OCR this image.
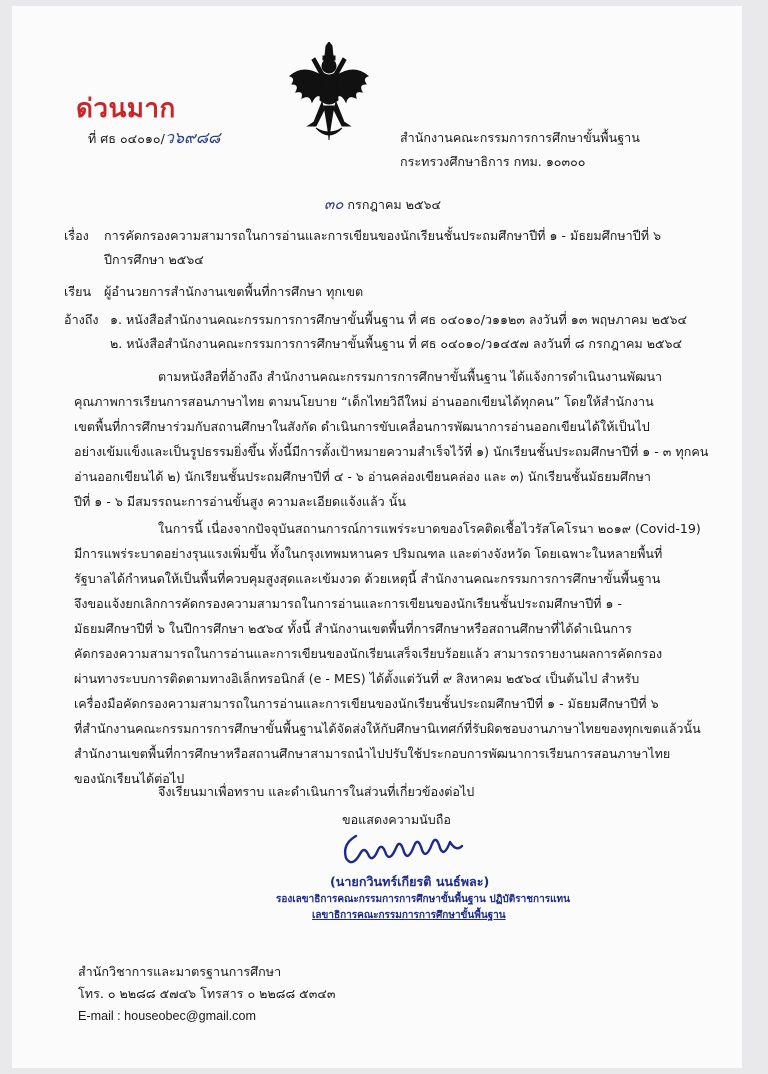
ด่วนมาก
ที่ ศธ ๐๔๐๑๐/ว๖๙๘๘	สำนักงานคณะกรรมการการศึกษาขั้นพื้นฐาน
กระทรวงศึกษาธิการ กทม. ๑๐๓๐๐
๓๐ กรกฎาคม ๒๕๖๔
เรื่อง การคัดกรองความสามารถในการอ่านและการเขียนของนักเรียนชั้นประถมศึกษาปีที่ ๑ - มัธยมศึกษาปีที่ ๖
ปีการศึกษา ๒๕๖๔
เรียน ผู้อำนวยการสำนักงานเขตพื้นที่การศึกษา ทุกเขต
อ้างถึง ๑. หนังสือสำนักงานคณะกรรมการการศึกษาขั้นพื้นฐาน ที่ ศธ ๐๔๐๑๐/ว๑๑๒๓ ลงวันที่ ๑๓ พฤษภาคม ๒๕๖๔
๒. หนังสือสำนักงานคณะกรรมการการศึกษาขั้นพื้นฐาน ที่ ศธ ๐๔๐๑๐/ว๑๔๕๗ ลงวันที่ ๘ กรกฎาคม ๒๕๖๔
ตามหนังสือที่อ้างถึง สำนักงานคณะกรรมการการศึกษาขั้นพื้นฐาน ได้แจ้งการดำเนินงานพัฒนา
คุณภาพการเรียนการสอนภาษาไทย ตามนโยบาย “เด็กไทยวิถีใหม่ อ่านออกเขียนได้ทุกคน” โดยให้สำนักงาน
เขตพื้นที่การศึกษาร่วมกับสถานศึกษาในสังกัด ดำเนินการขับเคลื่อนการพัฒนาการอ่านออกเขียนได้ให้เป็นไป
อย่างเข้มแข็งและเป็นรูปธรรมยิ่งขึ้น ทั้งนี้มีการตั้งเป้าหมายความสำเร็จไว้ที่ ๑) นักเรียนชั้นประถมศึกษาปีที่ ๑ - ๓ ทุกคน
อ่านออกเขียนได้ ๒) นักเรียนชั้นประถมศึกษาปีที่ ๔ - ๖ อ่านคล่องเขียนคล่อง และ ๓) นักเรียนชั้นมัธยมศึกษา
ปีที่ ๑ - ๖ มีสมรรถนะการอ่านขั้นสูง ความละเอียดแจ้งแล้ว นั้น
ในการนี้ เนื่องจากปัจจุบันสถานการณ์การแพร่ระบาดของโรคติดเชื้อไวรัสโคโรนา ๒๐๑๙ (Covid-19)
มีการแพร่ระบาดอย่างรุนแรงเพิ่มขึ้น ทั้งในกรุงเทพมหานคร ปริมณฑล และต่างจังหวัด โดยเฉพาะในหลายพื้นที่
รัฐบาลได้กำหนดให้เป็นพื้นที่ควบคุมสูงสุดและเข้มงวด ด้วยเหตุนี้ สำนักงานคณะกรรมการการศึกษาขั้นพื้นฐาน
จึงขอแจ้งยกเลิกการคัดกรองความสามารถในการอ่านและการเขียนของนักเรียนชั้นประถมศึกษาปีที่ ๑ -
มัธยมศึกษาปีที่ ๖ ในปีการศึกษา ๒๕๖๔ ทั้งนี้ สำนักงานเขตพื้นที่การศึกษาหรือสถานศึกษาที่ได้ดำเนินการ
คัดกรองความสามารถในการอ่านและการเขียนของนักเรียนเสร็จเรียบร้อยแล้ว สามารถรายงานผลการคัดกรอง
ผ่านทางระบบการติดตามทางอิเล็กทรอนิกส์ (e - MES) ได้ตั้งแต่วันที่ ๙ สิงหาคม ๒๕๖๔ เป็นต้นไป สำหรับ
เครื่องมือคัดกรองความสามารถในการอ่านและการเขียนของนักเรียนชั้นประถมศึกษาปีที่ ๑ - มัธยมศึกษาปีที่ ๖
ที่สำนักงานคณะกรรมการการศึกษาขั้นพื้นฐานได้จัดส่งให้กับศึกษานิเทศก์ที่รับผิดชอบงานภาษาไทยของทุกเขตแล้วนั้น
สำนักงานเขตพื้นที่การศึกษาหรือสถานศึกษาสามารถนำไปปรับใช้ประกอบการพัฒนาการเรียนการสอนภาษาไทย
ของนักเรียนได้ต่อไป
จึงเรียนมาเพื่อทราบ และดำเนินการในส่วนที่เกี่ยวข้องต่อไป
ขอแสดงความนับถือ
(นายกวินทร์เกียรติ นนธ์พละ)
รองเลขาธิการคณะกรรมการการศึกษาขั้นพื้นฐาน ปฏิบัติราชการแทน
เลขาธิการคณะกรรมการการศึกษาขั้นพื้นฐาน
สำนักวิชาการและมาตรฐานการศึกษา
โทร. ๐ ๒๒๘๘ ๕๗๔๖ โทรสาร ๐ ๒๒๘๘ ๕๓๔๓
E-mail : houseobec@gmail.com
